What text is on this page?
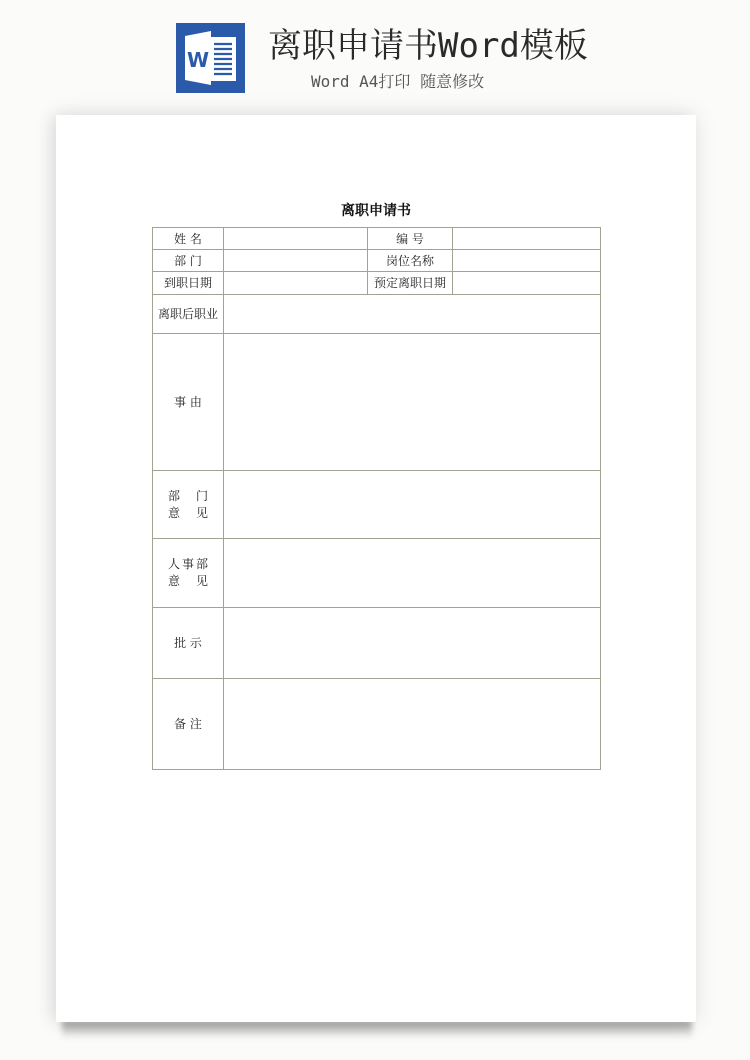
W 离职申请书Word模板
Word A4打印 随意修改
离职申请书
姓 名		编 号	
部 门		岗位名称	
到职日期		预定离职日期	
离职后职业			
事 由			

部　门
意　见			

人事部
意　见			

批 示			
备 注			
